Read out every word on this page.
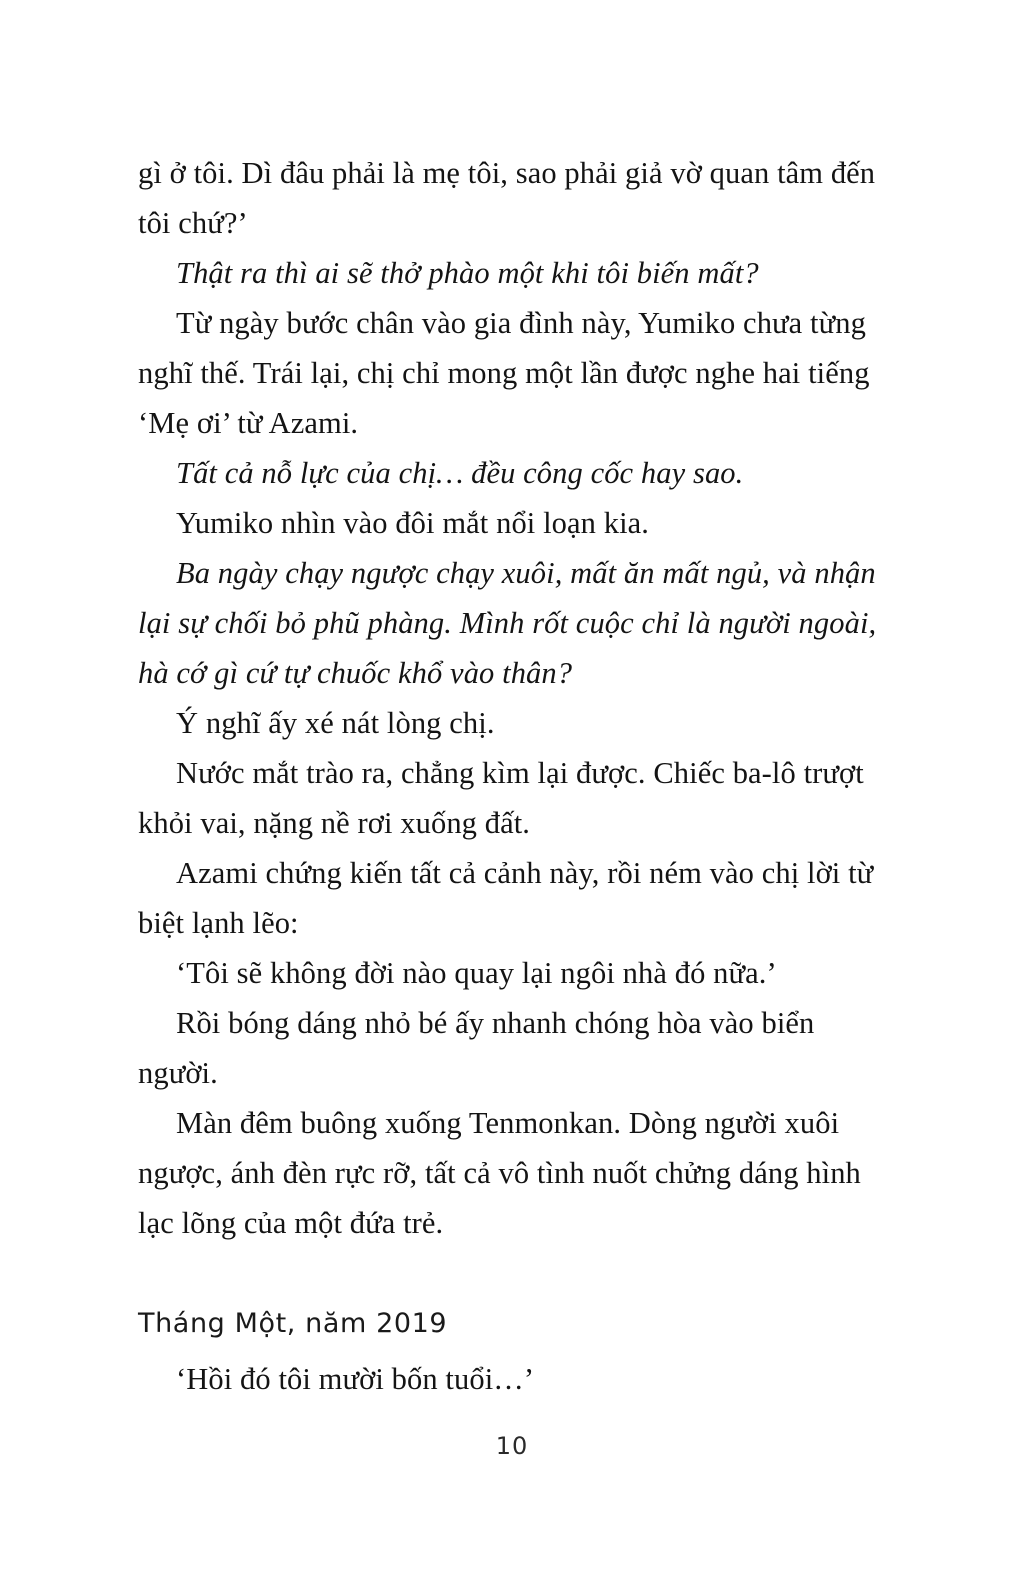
gì ở tôi. Dì đâu phải là mẹ tôi, sao phải giả vờ quan tâm đến tôi chứ?’

Thật ra thì ai sẽ thở phào một khi tôi biến mất?

Từ ngày bước chân vào gia đình này, Yumiko chưa từng nghĩ thế. Trái lại, chị chỉ mong một lần được nghe hai tiếng ‘Mẹ ơi’ từ Azami.

Tất cả nỗ lực của chị… đều công cốc hay sao.

Yumiko nhìn vào đôi mắt nổi loạn kia.

Ba ngày chạy ngược chạy xuôi, mất ăn mất ngủ, và nhận lại sự chối bỏ phũ phàng. Mình rốt cuộc chỉ là người ngoài, hà cớ gì cứ tự chuốc khổ vào thân?

Ý nghĩ ấy xé nát lòng chị.

Nước mắt trào ra, chẳng kìm lại được. Chiếc ba-lô trượt khỏi vai, nặng nề rơi xuống đất.

Azami chứng kiến tất cả cảnh này, rồi ném vào chị lời từ biệt lạnh lẽo:

‘Tôi sẽ không đời nào quay lại ngôi nhà đó nữa.’

Rồi bóng dáng nhỏ bé ấy nhanh chóng hòa vào biển người.

Màn đêm buông xuống Tenmonkan. Dòng người xuôi ngược, ánh đèn rực rỡ, tất cả vô tình nuốt chửng dáng hình lạc lõng của một đứa trẻ.

Tháng Một, năm 2019

‘Hồi đó tôi mười bốn tuổi…’

10
